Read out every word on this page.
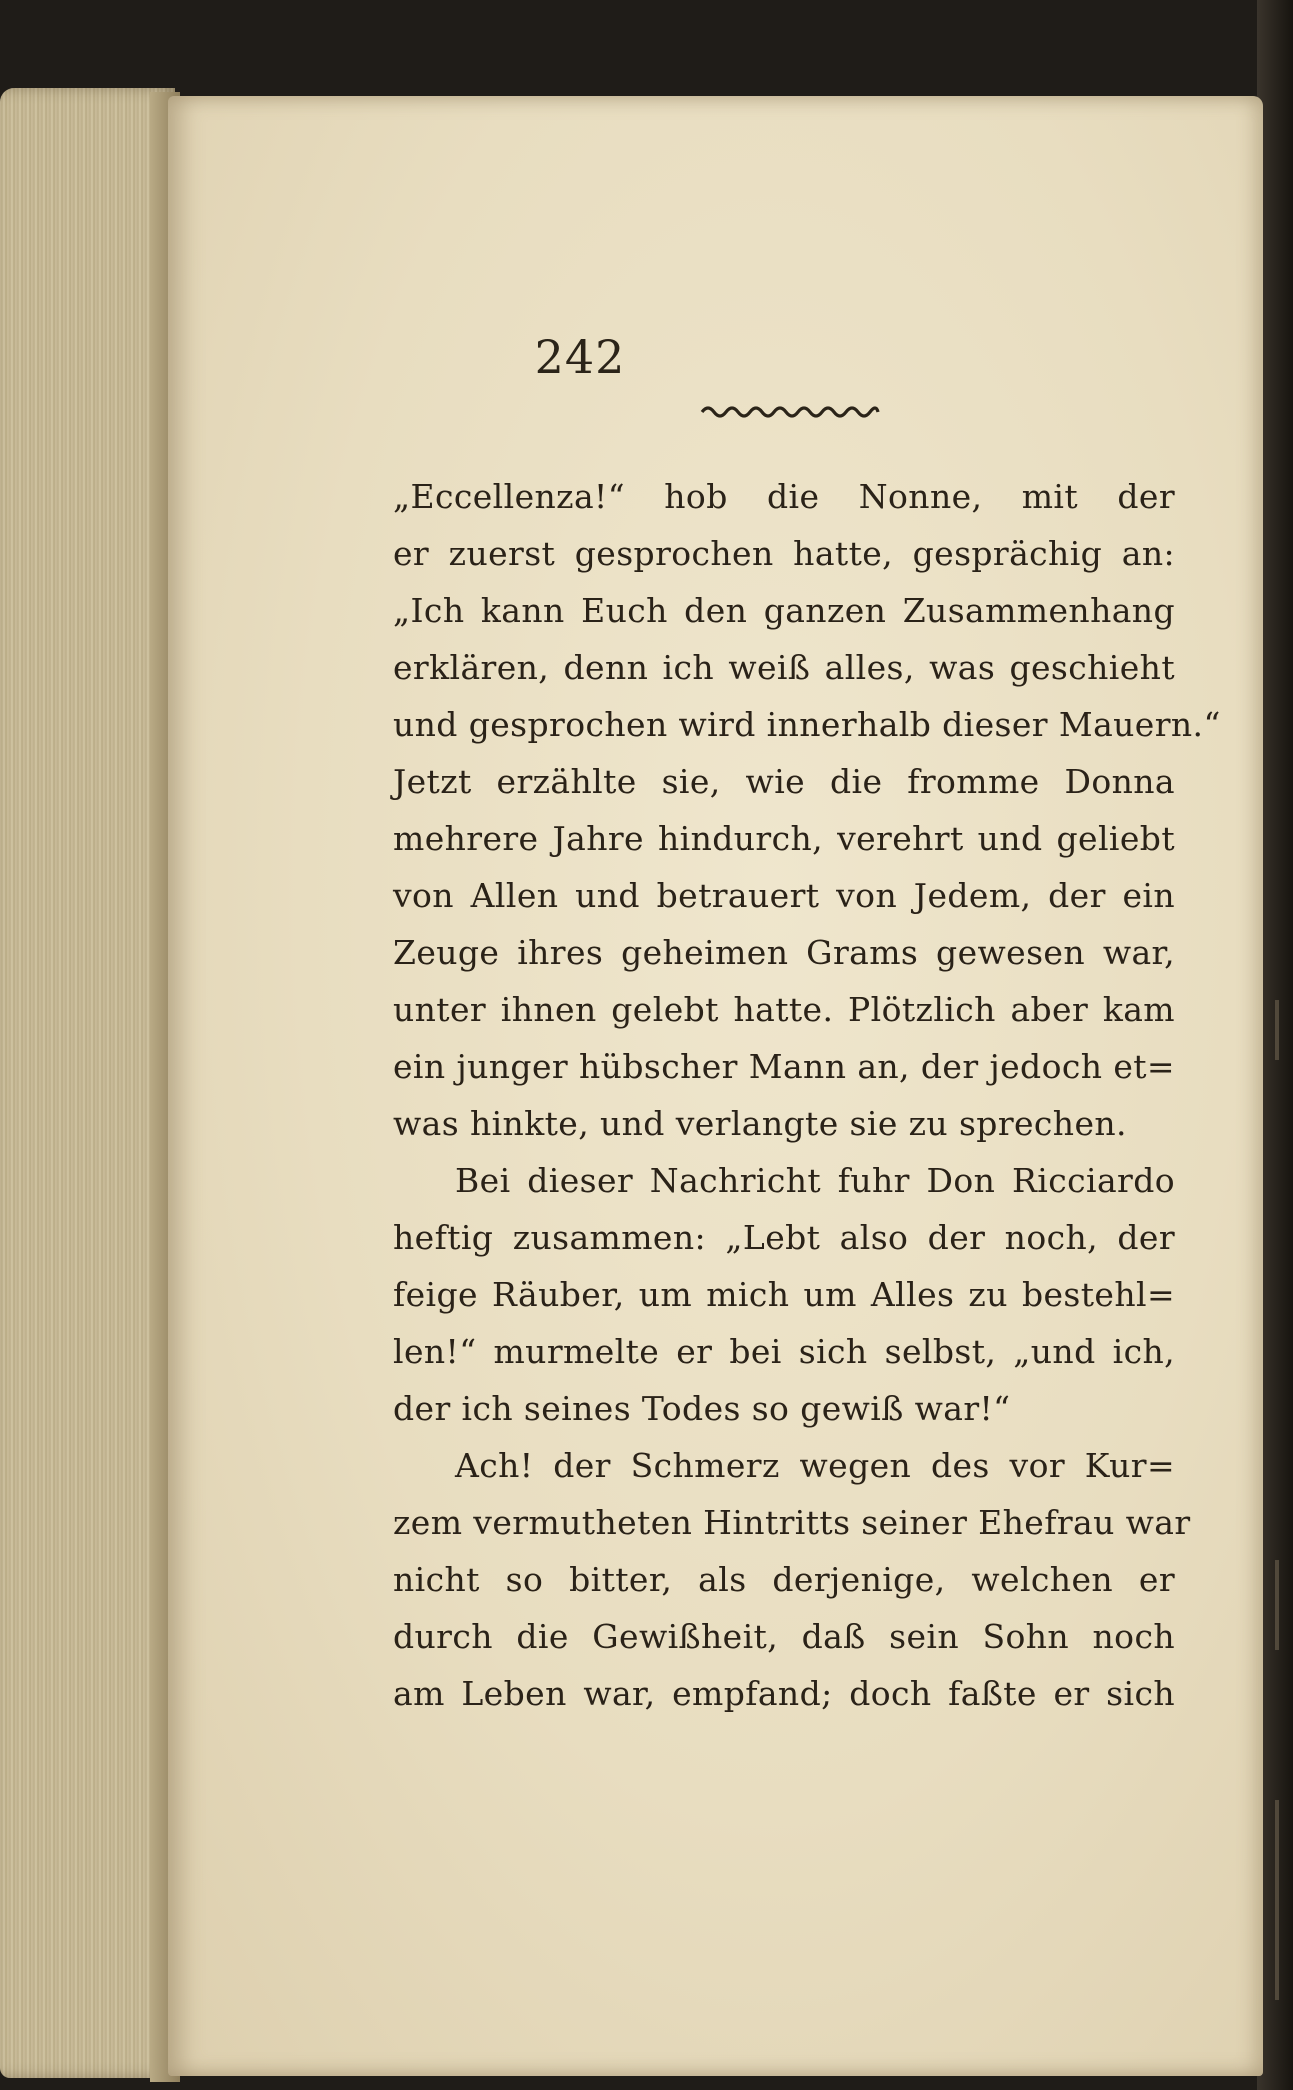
242
„Eccellenza!“ hob die Nonne, mit der
er zuerst gesprochen hatte, gesprächig an:
„Ich kann Euch den ganzen Zusammenhang
erklären, denn ich weiß alles, was geschieht
und gesprochen wird innerhalb dieser Mauern.“
Jetzt erzählte sie, wie die fromme Donna
mehrere Jahre hindurch, verehrt und geliebt
von Allen und betrauert von Jedem, der ein
Zeuge ihres geheimen Grams gewesen war,
unter ihnen gelebt hatte. Plötzlich aber kam
ein junger hübscher Mann an, der jedoch et=
was hinkte, und verlangte sie zu sprechen.
Bei dieser Nachricht fuhr Don Ricciardo
heftig zusammen: „Lebt also der noch, der
feige Räuber, um mich um Alles zu bestehl=
len!“ murmelte er bei sich selbst, „und ich,
der ich seines Todes so gewiß war!“
Ach! der Schmerz wegen des vor Kur=
zem vermutheten Hintritts seiner Ehefrau war
nicht so bitter, als derjenige, welchen er
durch die Gewißheit, daß sein Sohn noch
am Leben war, empfand; doch faßte er sich
